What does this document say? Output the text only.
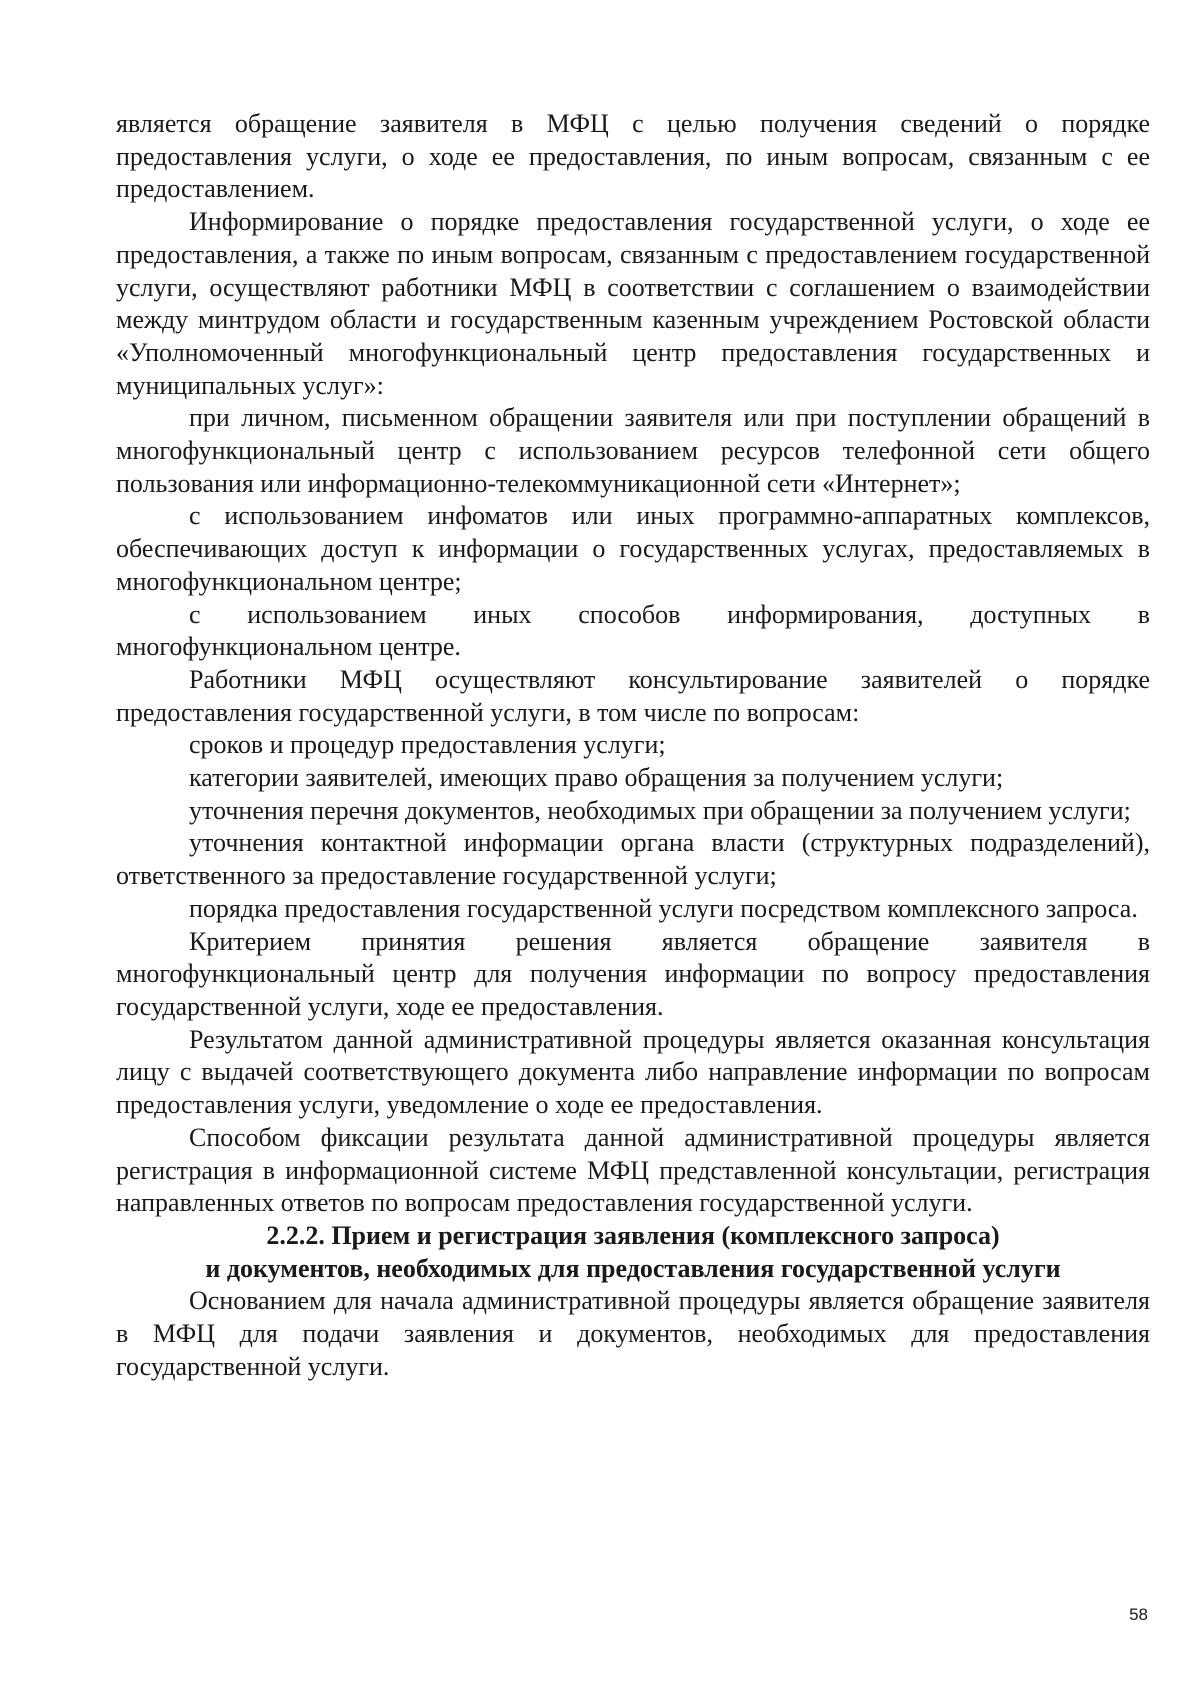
является обращение заявителя в МФЦ с целью получения сведений о порядке предоставления услуги, о ходе ее предоставления, по иным вопросам, связанным с ее предоставлением.

Информирование о порядке предоставления государственной услуги, о ходе ее предоставления, а также по иным вопросам, связанным с предоставлением государственной услуги, осуществляют работники МФЦ в соответствии с соглашением о взаимодействии между минтрудом области и государственным казенным учреждением Ростовской области «Уполномоченный многофункциональный центр предоставления государственных и муниципальных услуг»:

при личном, письменном обращении заявителя или при поступлении обращений в многофункциональный центр с использованием ресурсов телефонной сети общего пользования или информационно-телекоммуникационной сети «Интернет»;

с использованием инфоматов или иных программно-аппаратных комплексов, обеспечивающих доступ к информации о государственных услугах, предоставляемых в многофункциональном центре;

с использованием иных способов информирования, доступных в многофункциональном центре.

Работники МФЦ осуществляют консультирование заявителей о порядке предоставления государственной услуги, в том числе по вопросам:

сроков и процедур предоставления услуги;

категории заявителей, имеющих право обращения за получением услуги;

уточнения перечня документов, необходимых при обращении за получением услуги;

уточнения контактной информации органа власти (структурных подразделений), ответственного за предоставление государственной услуги;

порядка предоставления государственной услуги посредством комплексного запроса.

Критерием принятия решения является обращение заявителя в многофункциональный центр для получения информации по вопросу предоставления государственной услуги, ходе ее предоставления.

Результатом данной административной процедуры является оказанная консультация лицу с выдачей соответствующего документа либо направление информации по вопросам предоставления услуги, уведомление о ходе ее предоставления.

Способом фиксации результата данной административной процедуры является регистрация в информационной системе МФЦ представленной консультации, регистрация направленных ответов по вопросам предоставления государственной услуги.

2.2.2. Прием и регистрация заявления (комплексного запроса)
и документов, необходимых для предоставления государственной услуги

Основанием для начала административной процедуры является обращение заявителя в МФЦ для подачи заявления и документов, необходимых для предоставления государственной услуги.

58
